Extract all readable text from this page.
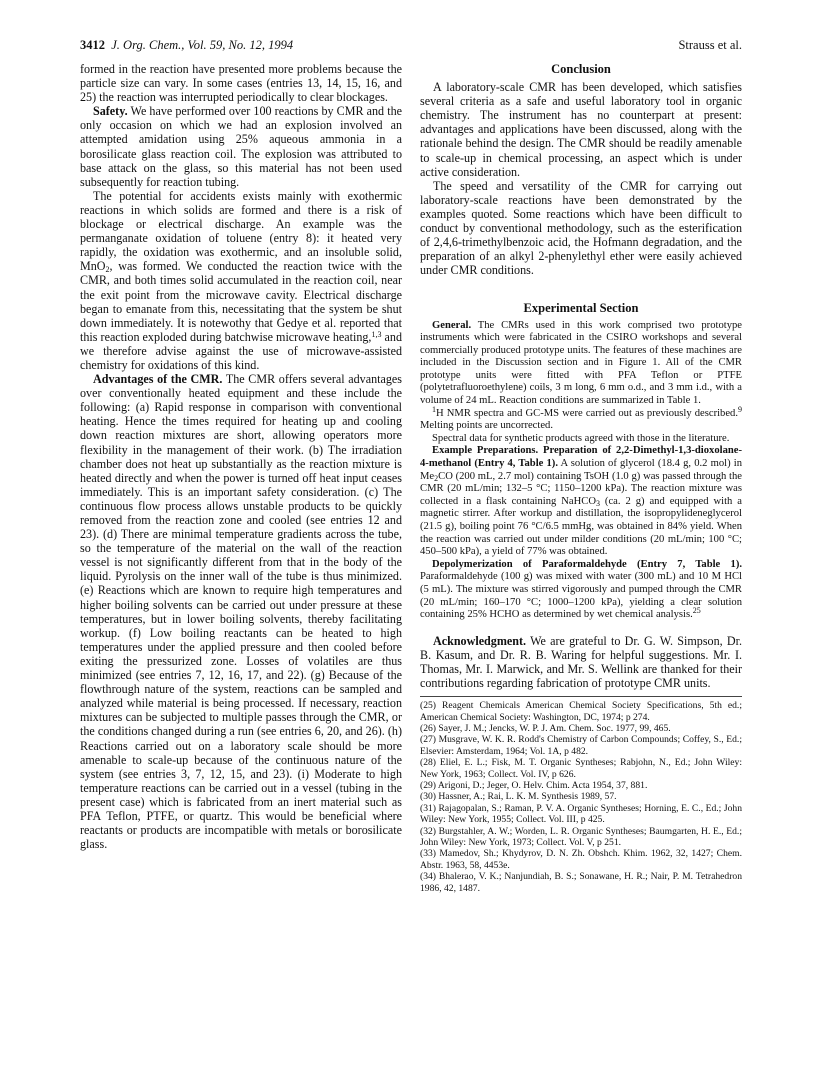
3412 J. Org. Chem., Vol. 59, No. 12, 1994	Strauss et al.

formed in the reaction have presented more problems because the particle size can vary. In some cases (entries 13, 14, 15, 16, and 25) the reaction was interrupted periodically to clear blockages.

Safety. We have performed over 100 reactions by CMR and the only occasion on which we had an explosion involved an attempted amidation using 25% aqueous ammonia in a borosilicate glass reaction coil. The explosion was attributed to base attack on the glass, so this material has not been used subsequently for reaction tubing.

The potential for accidents exists mainly with exothermic reactions in which solids are formed and there is a risk of blockage or electrical discharge. An example was the permanganate oxidation of toluene (entry 8): it heated very rapidly, the oxidation was exothermic, and an insoluble solid, MnO$_2$, was formed. We conducted the reaction twice with the CMR, and both times solid accumulated in the reaction coil, near the exit point from the microwave cavity. Electrical discharge began to emanate from this, necessitating that the system be shut down immediately. It is notewothy that Gedye et al. reported that this reaction exploded during batchwise microwave heating,$^{1,3}$ and we therefore advise against the use of microwave-assisted chemistry for oxidations of this kind.

Advantages of the CMR. The CMR offers several advantages over conventionally heated equipment and these include the following: (a) Rapid response in comparison with conventional heating. Hence the times required for heating up and cooling down reaction mixtures are short, allowing operators more flexibility in the management of their work. (b) The irradiation chamber does not heat up substantially as the reaction mixture is heated directly and when the power is turned off heat input ceases immediately. This is an important safety consideration. (c) The continuous flow process allows unstable products to be quickly removed from the reaction zone and cooled (see entries 12 and 23). (d) There are minimal temperature gradients across the tube, so the temperature of the material on the wall of the reaction vessel is not significantly different from that in the body of the liquid. Pyrolysis on the inner wall of the tube is thus minimized. (e) Reactions which are known to require high temperatures and higher boiling solvents can be carried out under pressure at these temperatures, but in lower boiling solvents, thereby facilitating workup. (f) Low boiling reactants can be heated to high temperatures under the applied pressure and then cooled before exiting the pressurized zone. Losses of volatiles are thus minimized (see entries 7, 12, 16, 17, and 22). (g) Because of the flowthrough nature of the system, reactions can be sampled and analyzed while material is being processed. If necessary, reaction mixtures can be subjected to multiple passes through the CMR, or the conditions changed during a run (see entries 6, 20, and 26). (h) Reactions carried out on a laboratory scale should be more amenable to scale-up because of the continuous nature of the system (see entries 3, 7, 12, 15, and 23). (i) Moderate to high temperature reactions can be carried out in a vessel (tubing in the present case) which is fabricated from an inert material such as PFA Teflon, PTFE, or quartz. This would be beneficial where reactants or products are incompatible with metals or borosilicate glass.

Conclusion

A laboratory-scale CMR has been developed, which satisfies several criteria as a safe and useful laboratory tool in organic chemistry. The instrument has no counterpart at present: advantages and applications have been discussed, along with the rationale behind the design. The CMR should be readily amenable to scale-up in chemical processing, an aspect which is under active consideration.

The speed and versatility of the CMR for carrying out laboratory-scale reactions have been demonstrated by the examples quoted. Some reactions which have been difficult to conduct by conventional methodology, such as the esterification of 2,4,6-trimethylbenzoic acid, the Hofmann degradation, and the preparation of an alkyl 2-phenylethyl ether were easily achieved under CMR conditions.

Experimental Section

General. The CMRs used in this work comprised two prototype instruments which were fabricated in the CSIRO workshops and several commercially produced prototype units. The features of these machines are included in the Discussion section and in Figure 1. All of the CMR prototype units were fitted with PFA Teflon or PTFE (polytetrafluoroethylene) coils, 3 m long, 6 mm o.d., and 3 mm i.d., with a volume of 24 mL. Reaction conditions are summarized in Table 1.

$^1$H NMR spectra and GC-MS were carried out as previously described.$^9$ Melting points are uncorrected.

Spectral data for synthetic products agreed with those in the literature.

Example Preparations. Preparation of 2,2-Dimethyl-1,3-dioxolane-4-methanol (Entry 4, Table 1). A solution of glycerol (18.4 g, 0.2 mol) in $Me_2CO$ (200 mL, 2.7 mol) containing TsOH (1.0 g) was passed through the CMR (20 mL/min; 132–5 °C; 1150–1200 kPa). The reaction mixture was collected in a flask containing NaHCO$_3$ (ca. 2 g) and equipped with a magnetic stirrer. After workup and distillation, the isopropylideneglycerol (21.5 g), boiling point 76 °C/6.5 mmHg, was obtained in 84% yield. When the reaction was carried out under milder conditions (20 mL/min; 100 °C; 450–500 kPa), a yield of 77% was obtained.

Depolymerization of Paraformaldehyde (Entry 7, Table 1). Paraformaldehyde (100 g) was mixed with water (300 mL) and 10 M HCl (5 mL). The mixture was stirred vigorously and pumped through the CMR (20 mL/min; 160–170 °C; 1000–1200 kPa), yielding a clear solution containing 25% HCHO as determined by wet chemical analysis.$^{25}$

Acknowledgment. We are grateful to Dr. G. W. Simpson, Dr. B. Kasum, and Dr. R. B. Waring for helpful suggestions. Mr. I. Thomas, Mr. I. Marwick, and Mr. S. Wellink are thanked for their contributions regarding fabrication of prototype CMR units.

(25) Reagent Chemicals American Chemical Society Specifications, 5th ed.; American Chemical Society: Washington, DC, 1974; p 274.
(26) Sayer, J. M.; Jencks, W. P. J. Am. Chem. Soc. 1977, 99, 465.
(27) Musgrave, W. K. R. Rodd's Chemistry of Carbon Compounds; Coffey, S., Ed.; Elsevier: Amsterdam, 1964; Vol. 1A, p 482.
(28) Eliel, E. L.; Fisk, M. T. Organic Syntheses; Rabjohn, N., Ed.; John Wiley: New York, 1963; Collect. Vol. IV, p 626.
(29) Arigoni, D.; Jeger, O. Helv. Chim. Acta 1954, 37, 881.
(30) Hassner, A.; Rai, L. K. M. Synthesis 1989, 57.
(31) Rajagopalan, S.; Raman, P. V. A. Organic Syntheses; Horning, E. C., Ed.; John Wiley: New York, 1955; Collect. Vol. III, p 425.
(32) Burgstahler, A. W.; Worden, L. R. Organic Syntheses; Baumgarten, H. E., Ed.; John Wiley: New York, 1973; Collect. Vol. V, p 251.
(33) Mamedov, Sh.; Khydyrov, D. N. Zh. Obshch. Khim. 1962, 32, 1427; Chem. Abstr. 1963, 58, 4453e.
(34) Bhalerao, V. K.; Nanjundiah, B. S.; Sonawane, H. R.; Nair, P. M. Tetrahedron 1986, 42, 1487.
